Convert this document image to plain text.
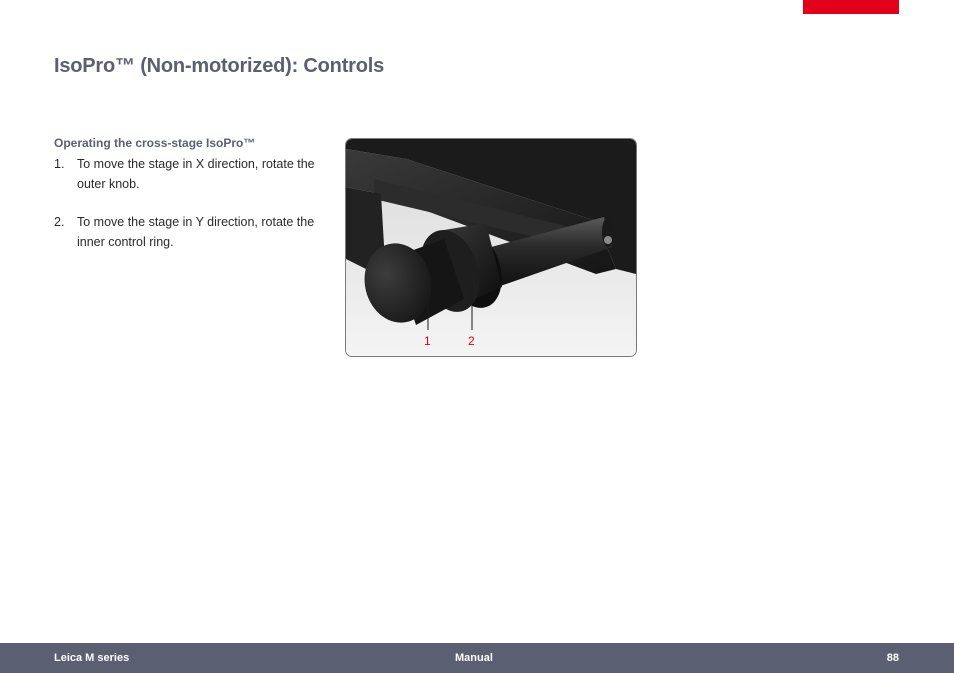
IsoPro™ (Non-motorized): Controls
Operating the cross-stage IsoPro™
1.	To move the stage in X direction, rotate the outer knob.
2.	To move the stage in Y direction, rotate the inner control ring.
1	2
Leica M series	Manual	88
